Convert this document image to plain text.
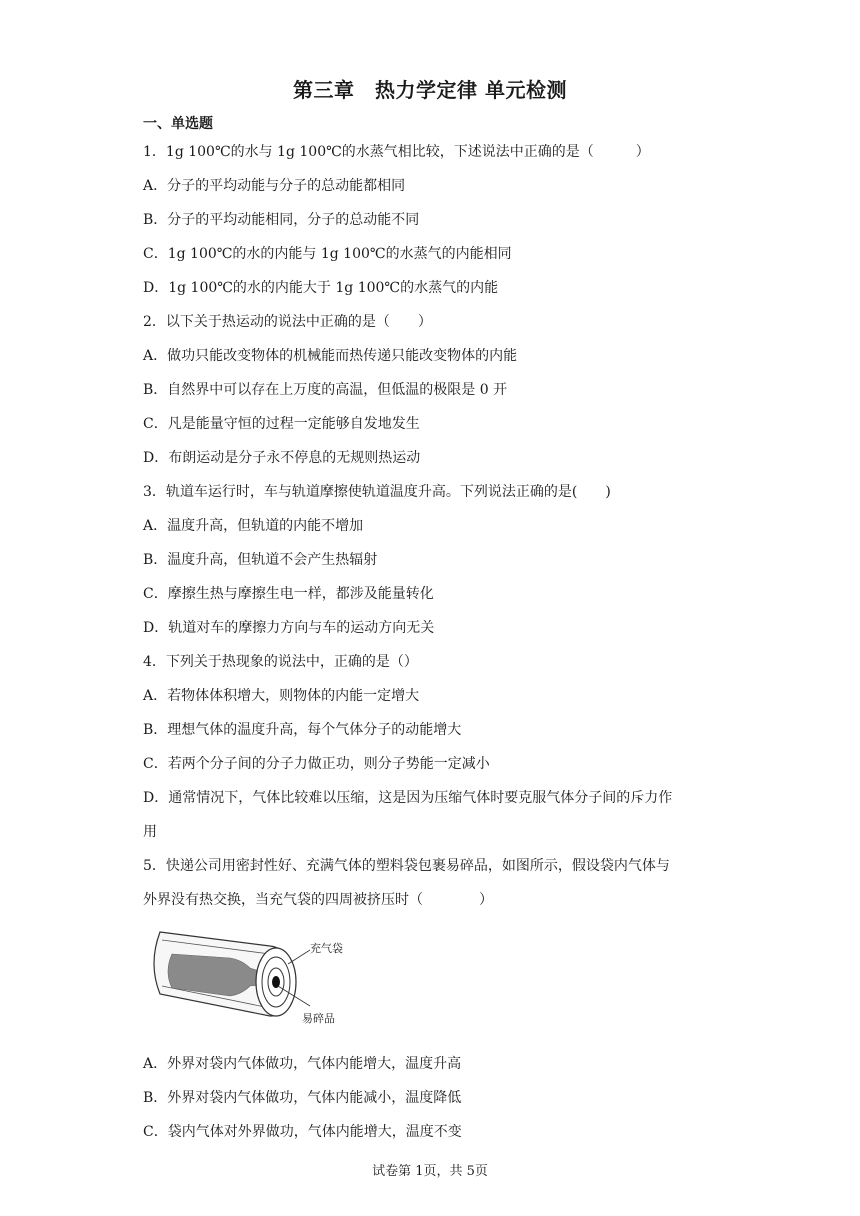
第三章　热力学定律 单元检测
一、单选题
1．1g 100℃的水与 1g 100℃的水蒸气相比较，下述说法中正确的是（　　　）
A．分子的平均动能与分子的总动能都相同
B．分子的平均动能相同，分子的总动能不同
C．1g 100℃的水的内能与 1g 100℃的水蒸气的内能相同
D．1g 100℃的水的内能大于 1g 100℃的水蒸气的内能
2．以下关于热运动的说法中正确的是（　　）
A．做功只能改变物体的机械能而热传递只能改变物体的内能
B．自然界中可以存在上万度的高温，但低温的极限是 0 开
C．凡是能量守恒的过程一定能够自发地发生
D．布朗运动是分子永不停息的无规则热运动
3．轨道车运行时，车与轨道摩擦使轨道温度升高。下列说法正确的是(　　)
A．温度升高，但轨道的内能不增加
B．温度升高，但轨道不会产生热辐射
C．摩擦生热与摩擦生电一样，都涉及能量转化
D．轨道对车的摩擦力方向与车的运动方向无关
4．下列关于热现象的说法中，正确的是（）
A．若物体体积增大，则物体的内能一定增大
B．理想气体的温度升高，每个气体分子的动能增大
C．若两个分子间的分子力做正功，则分子势能一定减小
D．通常情况下，气体比较难以压缩，这是因为压缩气体时要克服气体分子间的斥力作
用
5．快递公司用密封性好、充满气体的塑料袋包裹易碎品，如图所示，假设袋内气体与
外界没有热交换，当充气袋的四周被挤压时（　　　　）
充气袋
易碎品
A．外界对袋内气体做功，气体内能增大，温度升高
B．外界对袋内气体做功，气体内能减小，温度降低
C．袋内气体对外界做功，气体内能增大，温度不变
试卷第 1页，共 5页
